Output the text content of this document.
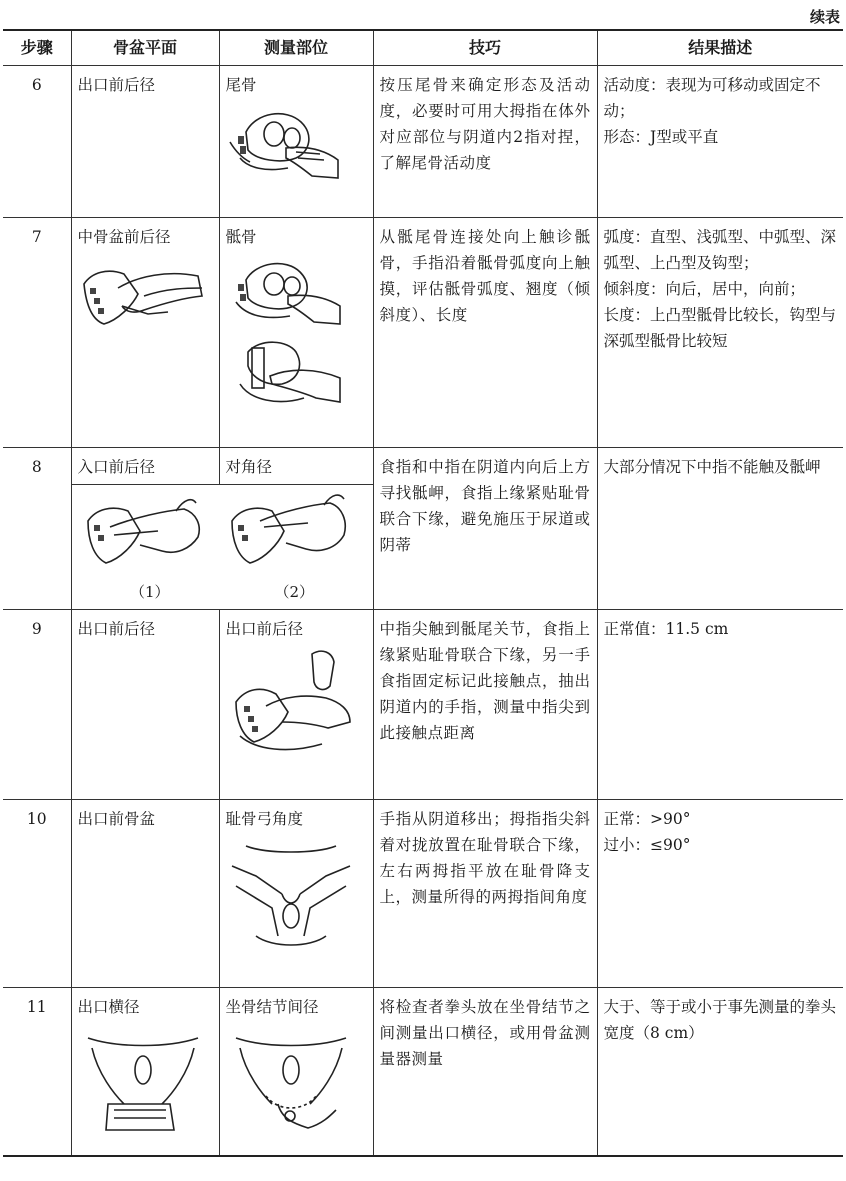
续表
步骤	骨盆平面	测量部位	技巧	结果描述
6	出口前后径	尾骨	按压尾骨来确定形态及活动度，必要时可用大拇指在体外对应部位与阴道内2指对捏，了解尾骨活动度	活动度：表现为可移动或固定不动；
形态：J型或平直

7	中骨盆前后径	骶骨	从骶尾骨连接处向上触诊骶骨，手指沿着骶骨弧度向上触摸，评估骶骨弧度、翘度（倾斜度）、长度	弧度：直型、浅弧型、中弧型、深弧型、上凸型及钩型；
倾斜度：向后，居中，向前；
长度：上凸型骶骨比较长，钩型与深弧型骶骨比较短

8	入口前后径	对角径	食指和中指在阴道内向后上方寻找骶岬，食指上缘紧贴耻骨联合下缘，避免施压于尿道或阴蒂	大部分情况下中指不能触及骶岬

	（1） （2）			

9	出口前后径	出口前后径	中指尖触到骶尾关节，食指上缘紧贴耻骨联合下缘，另一手食指固定标记此接触点，抽出阴道内的手指，测量中指尖到此接触点距离	正常值：11.5 cm

10	出口前骨盆	耻骨弓角度	手指从阴道移出；拇指指尖斜着对拢放置在耻骨联合下缘，左右两拇指平放在耻骨降支上，测量所得的两拇指间角度	正常：>90°
过小：≤90°

11	出口横径	坐骨结节间径	将检查者拳头放在坐骨结节之间测量出口横径，或用骨盆测量器测量	大于、等于或小于事先测量的拳头宽度（8 cm）
